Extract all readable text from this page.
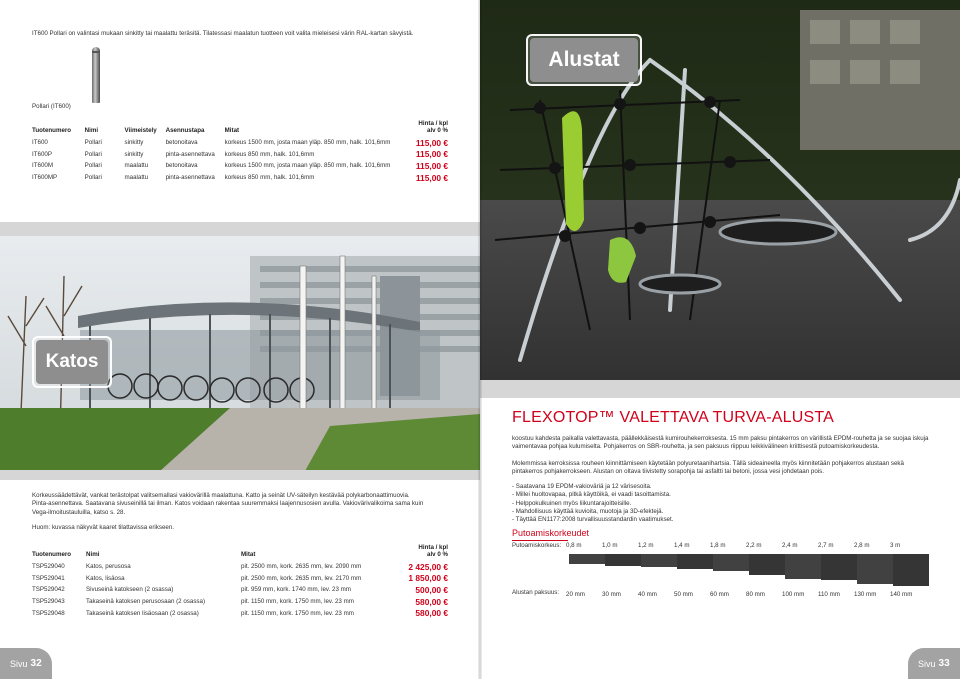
IT600 Pollari on valintasi mukaan sinkitty tai maalattu teräsitä. Tilatessasi maalatun tuotteen voit valita mieleisesi värin RAL-kartan sävyistä.
Pollari (IT600)
Tuotenumero	Nimi	Viimeistely	Asennustapa	Mitat	Hinta / kpl
alv 0 %
IT600	Pollari	sinkitty	betonoitava	korkeus 1500 mm, josta maan yläp. 850 mm, halk. 101,6mm	115,00 €
IT600P	Pollari	sinkitty	pinta-asennettava	korkeus 850 mm, halk. 101,6mm	115,00 €
IT600M	Pollari	maalattu	betonoitava	korkeus 1500 mm, josta maan yläp. 850 mm, halk. 101,6mm	115,00 €
IT600MP	Pollari	maalattu	pinta-asennettava	korkeus 850 mm, halk. 101,6mm	115,00 €
Katos
Korkeussäädettävät, vankat terästolpat valitsemallasi vakiovärillä maalattuna. Katto ja seinät UV-säteilyn kestävää polykarbonaattimuovia. Pinta-asennettava. Saatavana sivuseinillä tai ilman. Katos voidaan rakentaa suuremmaksi laajennusosien avulla. Vakiovärivalikoima sama kuin Vega-ilmoitustauluilla, katso s. 28.
Huom: kuvassa näkyvät kaaret tilattavissa erikseen.
Tuotenumero	Nimi	Mitat	Hinta / kpl
alv 0 %
TSP529040	Katos, perusosa	pit. 2500 mm, kork. 2635 mm, lev. 2090 mm	2 425,00 €
TSP529041	Katos, lisäosa	pit. 2500 mm, kork. 2635 mm, lev. 2170 mm	1 850,00 €
TSP529042	Sivuseinä katokseen (2 osassa)	pit. 959 mm, kork. 1740 mm, lev. 23 mm	500,00 €
TSP529043	Takaseinä katoksen perusosaan (2 osassa)	pit. 1150 mm, kork. 1750 mm, lev. 23 mm	580,00 €
TSP529048	Takaseinä katoksen lisäosaan (2 osassa)	pit. 1150 mm, kork. 1750 mm, lev. 23 mm	580,00 €
Sivu 32
Alustat
FLEXOTOP™ VALETTAVA TURVA-ALUSTA
koostuu kahdesta paikalla valettavasta, päällekkäisestä kumirouhekerroksesta. 15 mm paksu pintakerros on värillistä EPDM-rouhetta ja se suojaa iskuja vaimentavaa pohjaa kulumiselta. Pohjakerros on SBR-rouhetta, ja sen paksuus riippuu leikkivälineen kriittisestä putoamiskorkeudesta.
Molemmissa kerroksissa rouheen kiinnittämiseen käytetään polyuretaanihartsia. Tällä sideaineella myös kiinnitetään pohjakerros alustaan sekä pintakerros pohjakerrokseen. Alustan on oltava tiivistetty sorapohja tai asfaltti tai betoni, jossa vesi johdetaan pois.
- Saatavana 19 EPDM-vakioväriä ja 12 värisesoita.
- Millei huoltovapaa, pitkä käyttöikä, ei vaadi tasoittamista.
- Helppokulkuinen myös liikuntarajoitteisille.
- Mahdollisuus käyttää kuvioita, muotoja ja 3D-efektejä.
- Täyttää EN1177:2008 turvallisuusstandardin vaatimukset.
Putoamiskorkeudet
Putoamiskorkeus: 0,8 m	1,0 m	1,2 m	1,4 m	1,8 m	2,2 m	2,4 m	2,7 m	2,8 m	3 m
Alustan paksuus: 20 mm	30 mm	40 mm	50 mm	60 mm	80 mm	100 mm 110 mm 130 mm 140 mm
Sivu 33
